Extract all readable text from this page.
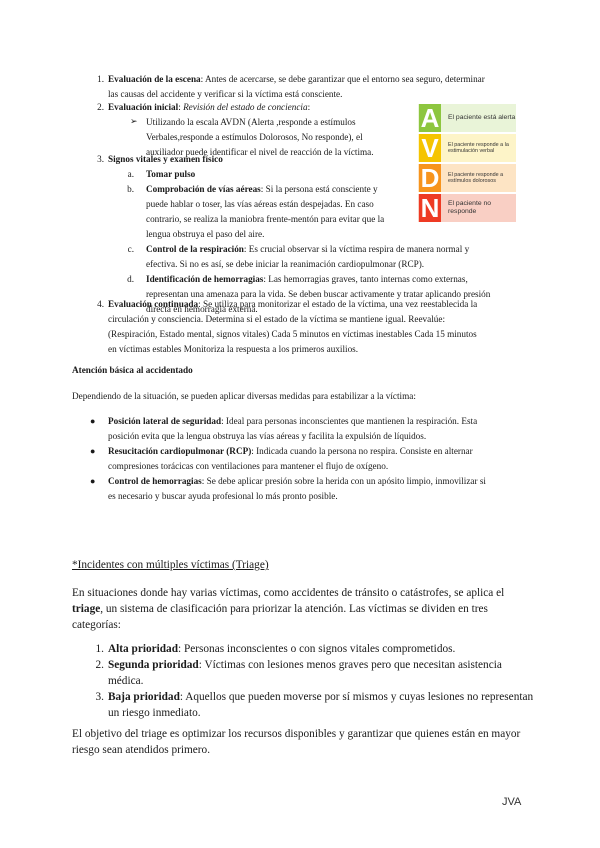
1. Evaluación de la escena: Antes de acercarse, se debe garantizar que el entorno sea seguro, determinar

las causas del accidente y verificar si la víctima está consciente.

2. Evaluación inicial: Revisión del estado de conciencia:

➢ Utilizando la escala AVDN (Alerta ,responde a estímulos

Verbales,responde a estímulos Dolorosos, No responde), el

auxiliador puede identificar el nivel de reacción de la víctima.

A El paciente está alerta
V	El paciente responde a la estimulación verbal
D El paciente responde a estímulos dolorosos
N El paciente no responde
3. Signos vitales y examen físico

a. Tomar pulso

b. Comprobación de vías aéreas: Si la persona está consciente y

puede hablar o toser, las vías aéreas están despejadas. En caso

contrario, se realiza la maniobra frente-mentón para evitar que la

lengua obstruya el paso del aire.

c. Control de la respiración: Es crucial observar si la víctima respira de manera normal y

efectiva. Si no es así, se debe iniciar la reanimación cardiopulmonar (RCP).

d. Identificación de hemorragias: Las hemorragias graves, tanto internas como externas,

representan una amenaza para la vida. Se deben buscar activamente y tratar aplicando presión

directa en hemorragia externa.

4. Evaluación continuada: Se utiliza para monitorizar el estado de la víctima, una vez reestablecida la

circulación y consciencia. Determina si el estado de la víctima se mantiene igual. Reevalúe:

(Respiración, Estado mental, signos vitales) Cada 5 minutos en víctimas inestables Cada 15 minutos

en víctimas estables Monitoriza la respuesta a los primeros auxilios.

Atención básica al accidentado

Dependiendo de la situación, se pueden aplicar diversas medidas para estabilizar a la víctima:

● Posición lateral de seguridad: Ideal para personas inconscientes que mantienen la respiración. Esta

posición evita que la lengua obstruya las vías aéreas y facilita la expulsión de líquidos.

● Resucitación cardiopulmonar (RCP): Indicada cuando la persona no respira. Consiste en alternar

compresiones torácicas con ventilaciones para mantener el flujo de oxígeno.

● Control de hemorragias: Se debe aplicar presión sobre la herida con un apósito limpio, inmovilizar si

es necesario y buscar ayuda profesional lo más pronto posible.

*Incidentes con múltiples víctimas (Triage)

En situaciones donde hay varias víctimas, como accidentes de tránsito o catástrofes, se aplica el

triage, un sistema de clasificación para priorizar la atención. Las víctimas se dividen en tres

categorías:

1. Alta prioridad: Personas inconscientes o con signos vitales comprometidos.

2. Segunda prioridad: Víctimas con lesiones menos graves pero que necesitan asistencia

médica.

3. Baja prioridad: Aquellos que pueden moverse por sí mismos y cuyas lesiones no representan

un riesgo inmediato.

El objetivo del triage es optimizar los recursos disponibles y garantizar que quienes están en mayor

riesgo sean atendidos primero.

JVA
